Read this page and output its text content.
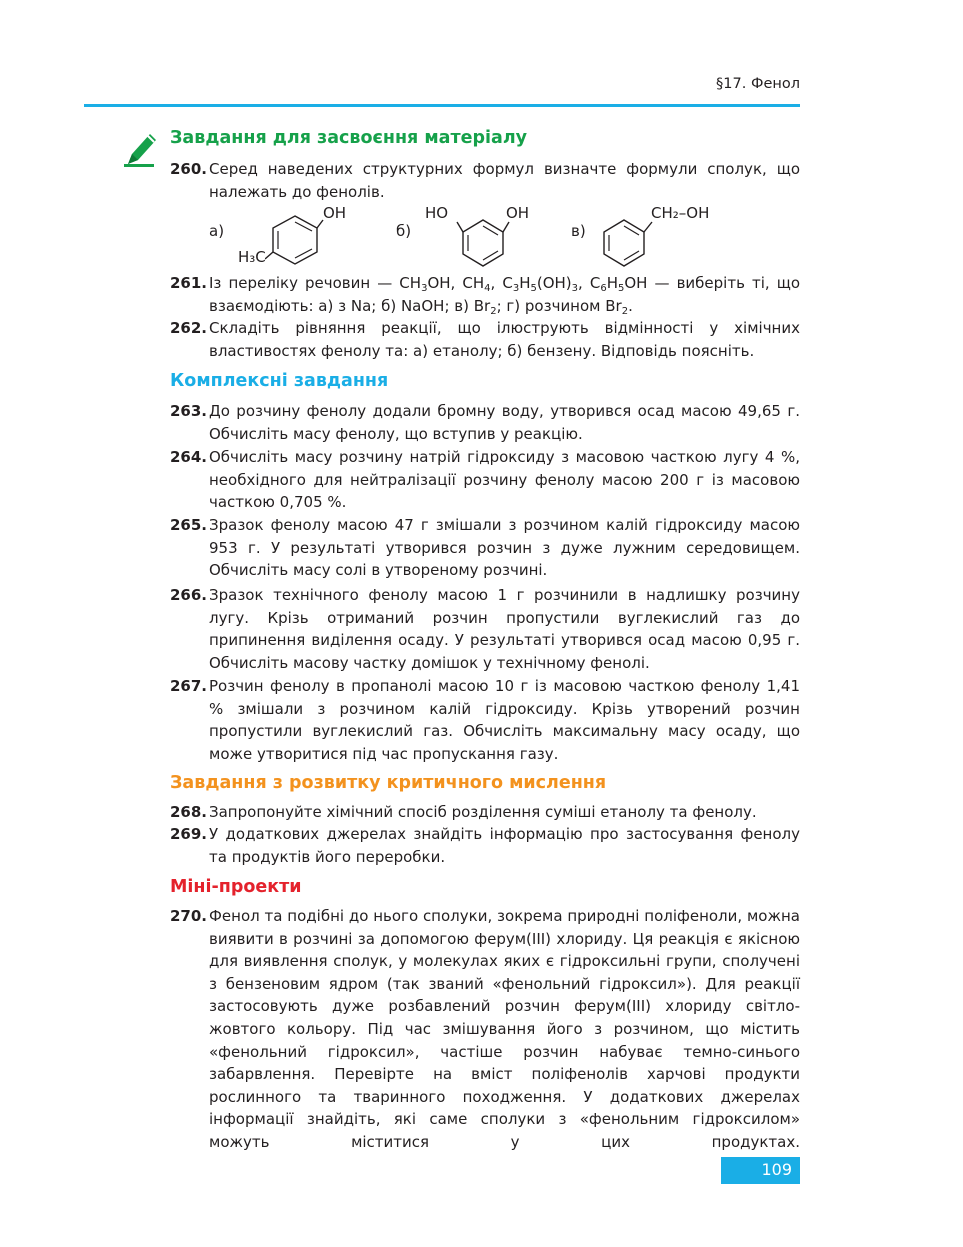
§17. Фенол
Завдання для засвоєння матеріалу
260. Серед наведених структурних формул визначте формули сполук, що належать до фенолів.
а)
OH
H₃C
б)
HO	OH
в)
CH₂–OH
261. Із переліку речовин — $CH_3OH$, $CH_4$, $C_3H_5(OH)_3$, $C_6H_5OH$ — виберіть ті, що взаємодіють: а) з Na; б) NaOH; в) $Br_2$; г) розчином $Br_2$.
262. Складіть рівняння реакції, що ілюструють відмінності у хімічних властивостях фенолу та: а) етанолу; б) бензену. Відповідь поясніть.
Комплексні завдання
263. До розчину фенолу додали бромну воду, утворився осад масою 49,65 г. Обчисліть масу фенолу, що вступив у реакцію.
264. Обчисліть масу розчину натрій гідроксиду з масовою часткою лугу 4 %, необхідного для нейтралізації розчину фенолу масою 200 г із масовою часткою 0,705 %.
265. Зразок фенолу масою 47 г змішали з розчином калій гідроксиду масою 953 г. У результаті утворився розчин з дуже лужним середовищем. Обчисліть масу солі в утвореному розчині.
266. Зразок технічного фенолу масою 1 г розчинили в надлишку розчину лугу. Крізь отриманий розчин пропустили вуглекислий газ до припинення виділення осаду. У результаті утворився осад масою 0,95 г. Обчисліть масову частку домішок у технічному фенолі.
267. Розчин фенолу в пропанолі масою 10 г із масовою часткою фенолу 1,41 % змішали з розчином калій гідроксиду. Крізь утворений розчин пропустили вуглекислий газ. Обчисліть максимальну масу осаду, що може утворитися під час пропускання газу.
Завдання з розвитку критичного мислення
268. Запропонуйте хімічний спосіб розділення суміші етанолу та фенолу.
269. У додаткових джерелах знайдіть інформацію про застосування фенолу та продуктів його переробки.
Міні-проекти
270. Фенол та подібні до нього сполуки, зокрема природні поліфеноли, можна виявити в розчині за допомогою ферум(ІІІ) хлориду. Ця реакція є якісною для виявлення сполук, у молекулах яких є гідроксильні групи, сполучені з бензеновим ядром (так званий «фенольний гідроксил»). Для реакції застосовують дуже розбавлений розчин ферум(ІІІ) хлориду світло-жовтого кольору. Під час змішування його з розчином, що містить «фенольний гідроксил», частіше розчин набуває темно-синього забарвлення. Перевірте на вміст поліфенолів харчові продукти рослинного та тваринного походження. У додаткових джерелах інформації знайдіть, які саме сполуки з «фенольним гідроксилом» можуть міститися у цих продуктах.
109
